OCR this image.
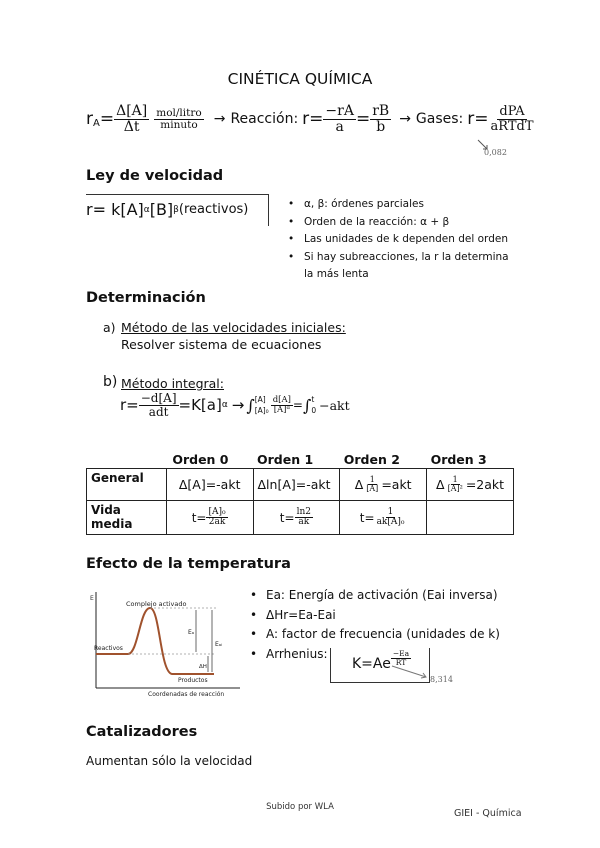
CINÉTICA QUÍMICA
r $A = \frac{\Delta[A]}{\Delta t} \frac{\text{mol/litro}}{\text{minuto}}$ → Reacción: $r= \frac{-rA}{a} = \frac{rB}{b}$ → Gases: $r= \frac{\text{dPA}}{\text{aRTdT}}$
0,082
Ley de velocidad
r= k[A] α [B] β (reactivos)	• α, β: órdenes parciales
• Orden de la reacción: α + β
• Las unidades de k dependen del orden
• Si hay subreacciones, la r la determina la más lenta
Determinación
a) Método de las velocidades iniciales:
Resolver sistema de ecuaciones
b) Método integral:
$r= \frac{-d[A]}{\text{adt}} =K[a] \alpha$ → ∫ [A]
$[A]_0 \frac{d[A]}{\text{[A]ᵅ}}$ = ∫ t
0 −akt
	Orden 0	Orden 1	Orden 2	Orden 3
General	Δ[A]=-akt	Δln[A]=-akt	Δ $\frac{1}{[A]} =akt$	Δ $\frac{1}{\text{[A]²}} =2akt$

Vida media	$t= \frac{\text{[A]₀}}{2ak}$	$t= \frac{\ln 2}{ak}$	$t= \frac{1}{\text{ak[A]₀}}$

Efecto de la temperatura
E
Complejo activado
Reactivos
Productos
Coordenadas de reacción
Eₐ
Eₐᵢ
ΔH
• Ea: Energía de activación (Eai inversa)
• ΔHr=Ea-Eai
• A: factor de frecuencia (unidades de k)
• Arrhenius:
$K=Ae \frac{-Ea}{RT}$
8,314
Catalizadores
Aumentan sólo la velocidad
Subido por WLA
GIEI - Química
